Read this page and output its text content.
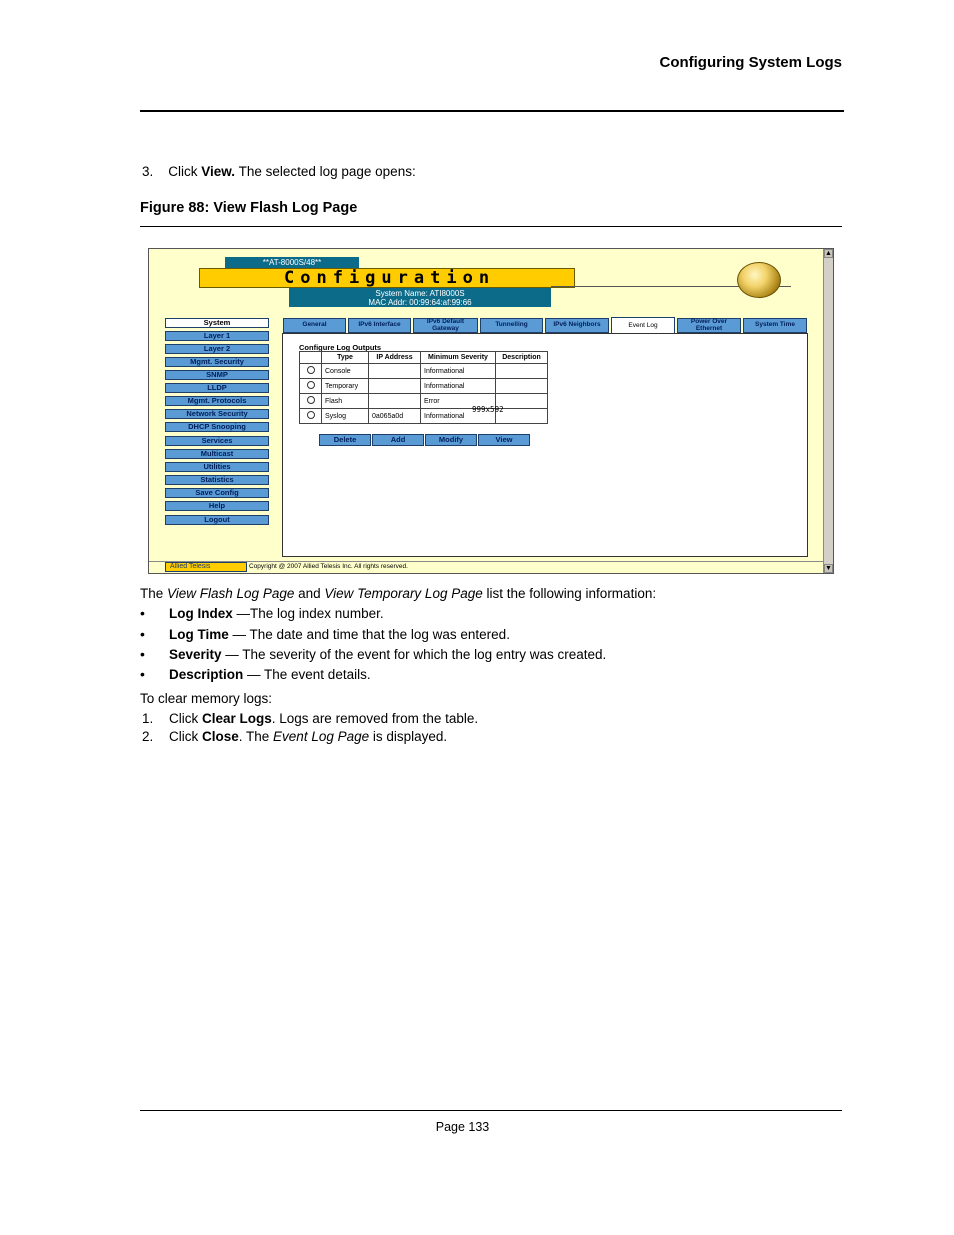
Configuring System Logs
3. Click View. The selected log page opens:
Figure 88: View Flash Log Page
▲
▼
**AT-8000S/48**
Configuration
System Name: ATI8000S
MAC Addr: 00:99:64:af:99:66
System
Layer 1
Layer 2
Mgmt. Security
SNMP
LLDP
Mgmt. Protocols
Network Security
DHCP Snooping
Services
Multicast
Utilities
Statistics
Save Config
Help
Logout
General	IPv6 Interface	IPv6 Default Gateway	Tunnelling	IPv6 Neighbors	Event Log
Power Over Ethernet	System Time
Configure Log Outputs
	Type	IP Address	Minimum Severity	Description
	Console		Informational	
	Temporary		Informational	
	Flash		Error	
	Syslog	0a065a0d	Informational	
999x592
Delete	Add	Modify	View
Allied Telesis	Copyright @ 2007 Allied Telesis Inc. All rights reserved.
The View Flash Log Page and View Temporary Log Page list the following information:
• Log Index —The log index number.
• Log Time — The date and time that the log was entered.
• Severity — The severity of the event for which the log entry was created.
• Description — The event details.
To clear memory logs:
1. Click Clear Logs. Logs are removed from the table.
2. Click Close. The Event Log Page is displayed.
Page 133
